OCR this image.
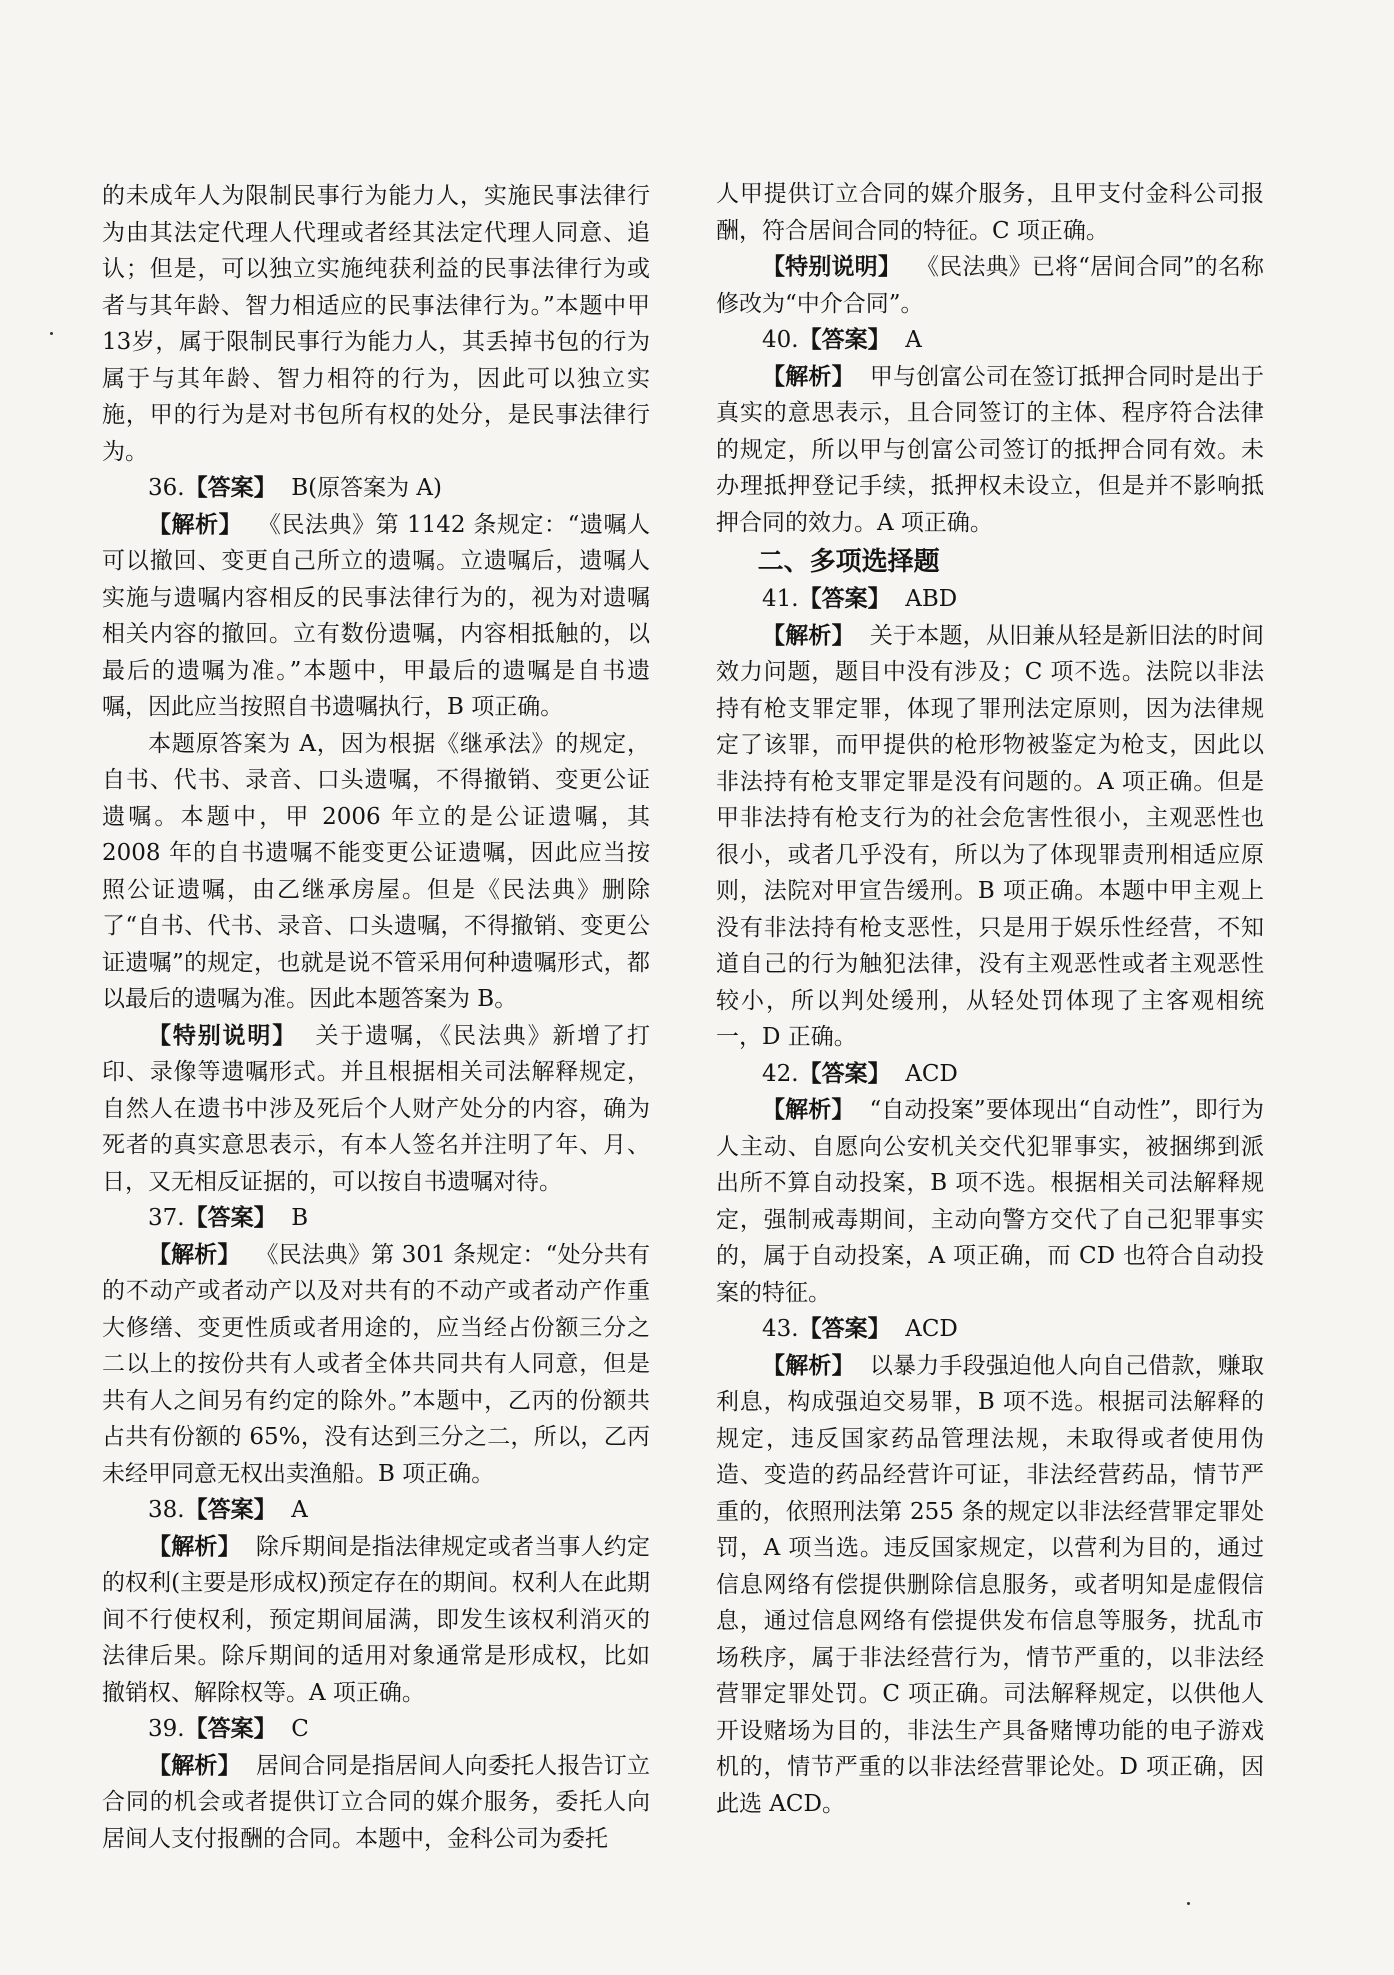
的未成年人为限制民事行为能力人，实施民事法律行为由其法定代理人代理或者经其法定代理人同意、追认；但是，可以独立实施纯获利益的民事法律行为或者与其年龄、智力相适应的民事法律行为。”本题中甲13岁，属于限制民事行为能力人，其丢掉书包的行为属于与其年龄、智力相符的行为，因此可以独立实施，甲的行为是对书包所有权的处分，是民事法律行为。

36.【答案】 B(原答案为 A)

【解析】 《民法典》第 1142 条规定：“遗嘱人可以撤回、变更自己所立的遗嘱。立遗嘱后，遗嘱人实施与遗嘱内容相反的民事法律行为的，视为对遗嘱相关内容的撤回。立有数份遗嘱，内容相抵触的，以最后的遗嘱为准。”本题中，甲最后的遗嘱是自书遗嘱，因此应当按照自书遗嘱执行，B 项正确。

本题原答案为 A，因为根据《继承法》的规定，自书、代书、录音、口头遗嘱，不得撤销、变更公证遗嘱。本题中，甲 2006 年立的是公证遗嘱，其 2008 年的自书遗嘱不能变更公证遗嘱，因此应当按照公证遗嘱，由乙继承房屋。但是《民法典》删除了“自书、代书、录音、口头遗嘱，不得撤销、变更公证遗嘱”的规定，也就是说不管采用何种遗嘱形式，都以最后的遗嘱为准。因此本题答案为 B。

【特别说明】 关于遗嘱，《民法典》新增了打印、录像等遗嘱形式。并且根据相关司法解释规定，自然人在遗书中涉及死后个人财产处分的内容，确为死者的真实意思表示，有本人签名并注明了年、月、日，又无相反证据的，可以按自书遗嘱对待。

37.【答案】 B

【解析】 《民法典》第 301 条规定：“处分共有的不动产或者动产以及对共有的不动产或者动产作重大修缮、变更性质或者用途的，应当经占份额三分之二以上的按份共有人或者全体共同共有人同意，但是共有人之间另有约定的除外。”本题中，乙丙的份额共占共有份额的 65%，没有达到三分之二，所以，乙丙未经甲同意无权出卖渔船。B 项正确。

38.【答案】 A

【解析】 除斥期间是指法律规定或者当事人约定的权利(主要是形成权)预定存在的期间。权利人在此期间不行使权利，预定期间届满，即发生该权利消灭的法律后果。除斥期间的适用对象通常是形成权，比如撤销权、解除权等。A 项正确。

39.【答案】 C

【解析】 居间合同是指居间人向委托人报告订立合同的机会或者提供订立合同的媒介服务，委托人向居间人支付报酬的合同。本题中，金科公司为委托

人甲提供订立合同的媒介服务，且甲支付金科公司报酬，符合居间合同的特征。C 项正确。

【特别说明】 《民法典》已将“居间合同”的名称修改为“中介合同”。

40.【答案】 A

【解析】 甲与创富公司在签订抵押合同时是出于真实的意思表示，且合同签订的主体、程序符合法律的规定，所以甲与创富公司签订的抵押合同有效。未办理抵押登记手续，抵押权未设立，但是并不影响抵押合同的效力。A 项正确。

二、多项选择题
41.【答案】 ABD

【解析】 关于本题，从旧兼从轻是新旧法的时间效力问题，题目中没有涉及；C 项不选。法院以非法持有枪支罪定罪，体现了罪刑法定原则，因为法律规定了该罪，而甲提供的枪形物被鉴定为枪支，因此以非法持有枪支罪定罪是没有问题的。A 项正确。但是甲非法持有枪支行为的社会危害性很小，主观恶性也很小，或者几乎没有，所以为了体现罪责刑相适应原则，法院对甲宣告缓刑。B 项正确。本题中甲主观上没有非法持有枪支恶性，只是用于娱乐性经营，不知道自己的行为触犯法律，没有主观恶性或者主观恶性较小，所以判处缓刑，从轻处罚体现了主客观相统一，D 正确。

42.【答案】 ACD

【解析】 “自动投案”要体现出“自动性”，即行为人主动、自愿向公安机关交代犯罪事实，被捆绑到派出所不算自动投案，B 项不选。根据相关司法解释规定，强制戒毒期间，主动向警方交代了自己犯罪事实的，属于自动投案，A 项正确，而 CD 也符合自动投案的特征。

43.【答案】 ACD

【解析】 以暴力手段强迫他人向自己借款，赚取利息，构成强迫交易罪，B 项不选。根据司法解释的规定，违反国家药品管理法规，未取得或者使用伪造、变造的药品经营许可证，非法经营药品，情节严重的，依照刑法第 255 条的规定以非法经营罪定罪处罚，A 项当选。违反国家规定，以营利为目的，通过信息网络有偿提供删除信息服务，或者明知是虚假信息，通过信息网络有偿提供发布信息等服务，扰乱市场秩序，属于非法经营行为，情节严重的，以非法经营罪定罪处罚。C 项正确。司法解释规定，以供他人开设赌场为目的，非法生产具备赌博功能的电子游戏机的，情节严重的以非法经营罪论处。D 项正确，因此选 ACD。
